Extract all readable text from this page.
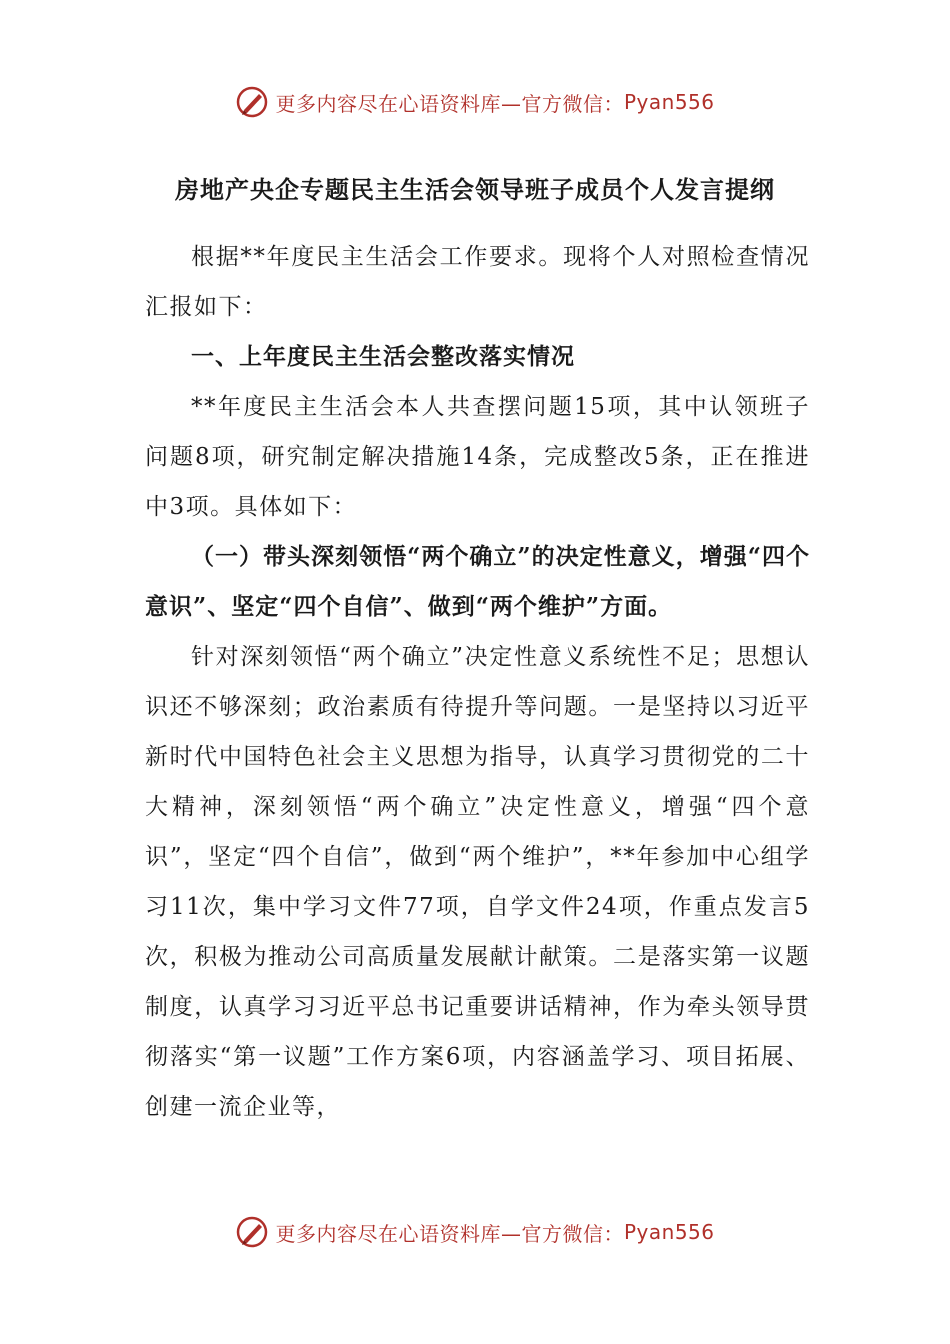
更多内容尽在心语资料库—官方微信： Pyan556
房地产央企专题民主生活会领导班子成员个人发言提纲

根据**年度民主生活会工作要求。现将个人对照检查情况汇报如下：

一、上年度民主生活会整改落实情况

**年度民主生活会本人共查摆问题15项，其中认领班子问题8项，研究制定解决措施14条，完成整改5条，正在推进中3项。具体如下：

（一）带头深刻领悟“两个确立”的决定性意义，增强“四个意识”、坚定“四个自信”、做到“两个维护”方面。

针对深刻领悟“两个确立”决定性意义系统性不足；思想认识还不够深刻；政治素质有待提升等问题。一是坚持以习近平新时代中国特色社会主义思想为指导，认真学习贯彻党的二十大精神，深刻领悟“两个确立”决定性意义，增强“四个意识”，坚定“四个自信”，做到“两个维护”，**年参加中心组学习11次，集中学习文件77项，自学文件24项，作重点发言5次，积极为推动公司高质量发展献计献策。二是落实第一议题制度，认真学习习近平总书记重要讲话精神，作为牵头领导贯彻落实“第一议题”工作方案6项，内容涵盖学习、项目拓展、创建一流企业等，

更多内容尽在心语资料库—官方微信： Pyan556
